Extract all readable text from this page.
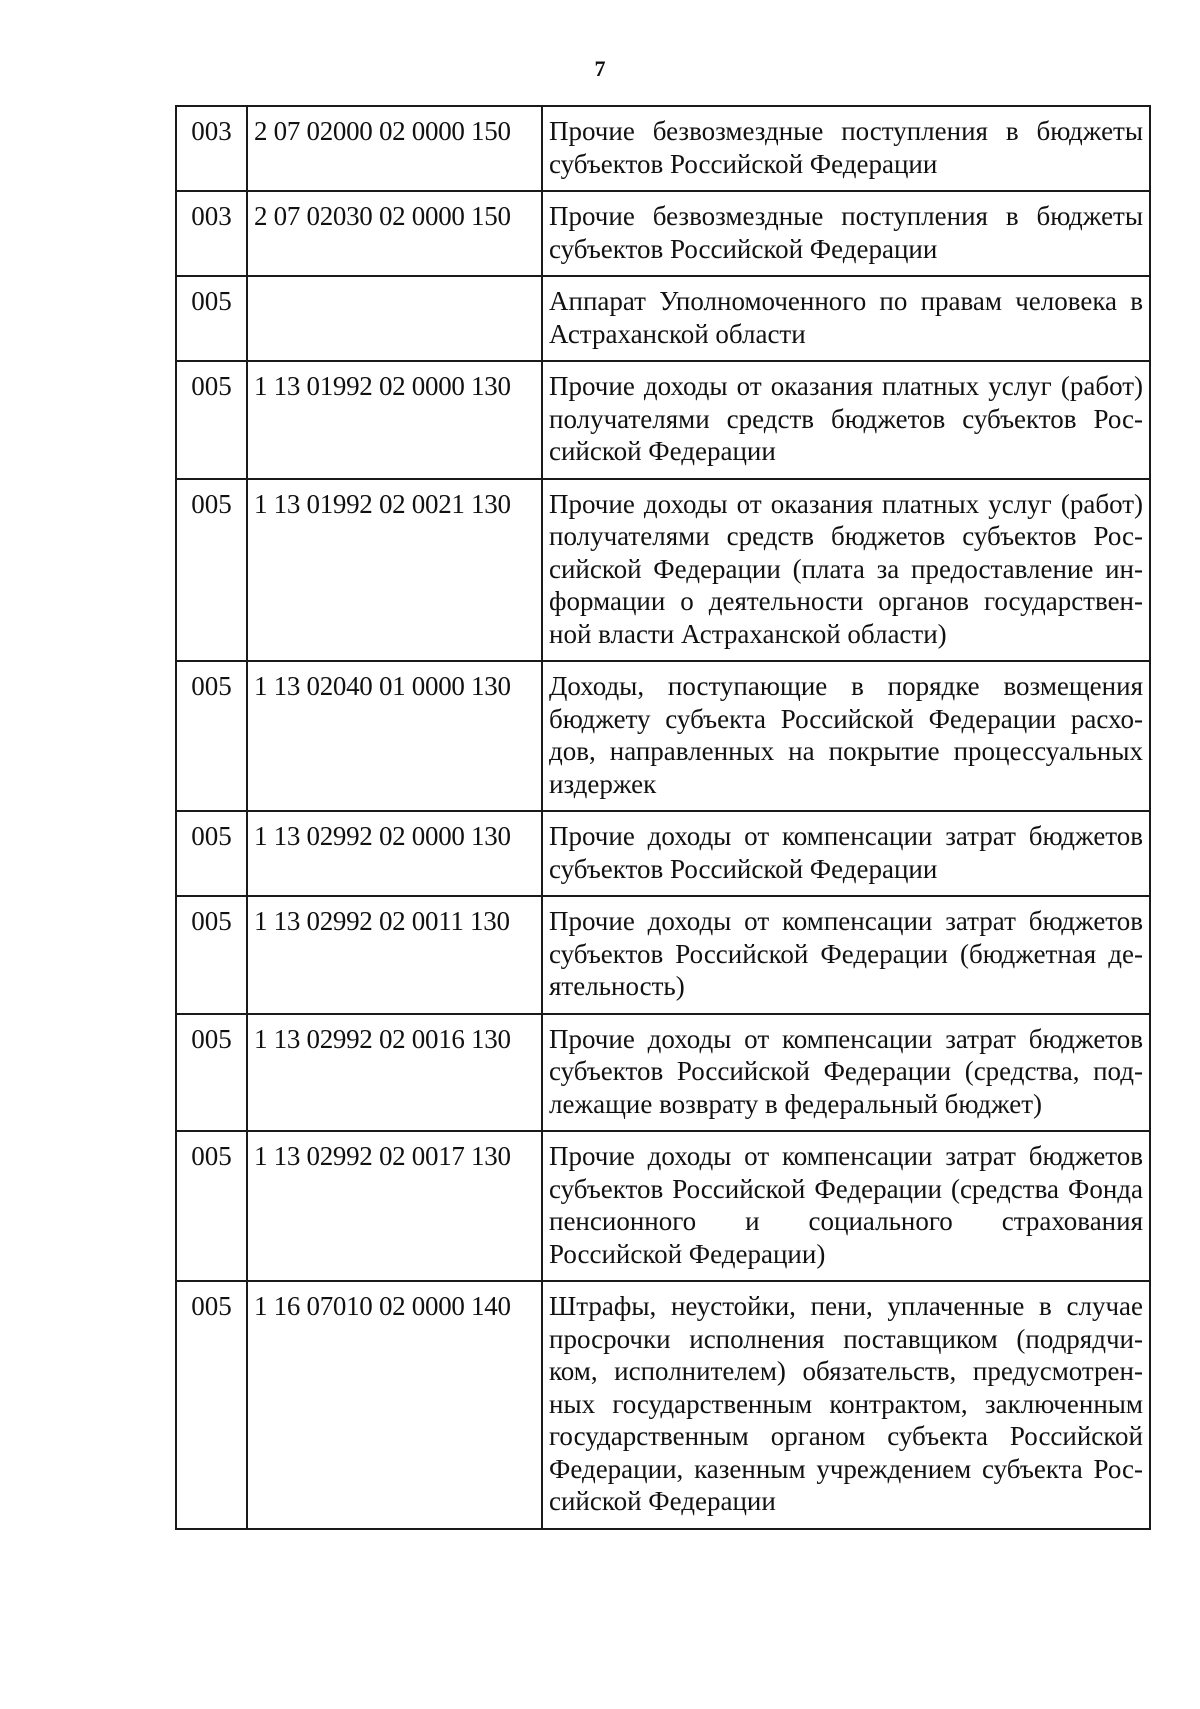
7
003	2 07 02000 02 0000 150	Прочие безвозмездные поступления в бюджеты субъектов Российской Федерации
003	2 07 02030 02 0000 150	Прочие безвозмездные поступления в бюджеты субъектов Российской Федерации
005		Аппарат Уполномоченного по правам человека в Астраханской области
005	1 13 01992 02 0000 130	Прочие доходы от оказания платных услуг (работ) получателями средств бюджетов субъектов Российской Федерации
005	1 13 01992 02 0021 130	Прочие доходы от оказания платных услуг (работ) получателями средств бюджетов субъектов Российской Федерации (плата за предоставление информации о деятельности органов государственной власти Астраханской области)
005	1 13 02040 01 0000 130	Доходы, поступающие в порядке возмещения бюджету субъекта Российской Федерации расходов, направленных на покрытие процессуальных издержек
005	1 13 02992 02 0000 130	Прочие доходы от компенсации затрат бюджетов субъектов Российской Федерации
005	1 13 02992 02 0011 130	Прочие доходы от компенсации затрат бюджетов субъектов Российской Федерации (бюджетная деятельность)
005	1 13 02992 02 0016 130	Прочие доходы от компенсации затрат бюджетов субъектов Российской Федерации (средства, подлежащие возврату в федеральный бюджет)
005	1 13 02992 02 0017 130	Прочие доходы от компенсации затрат бюджетов субъектов Российской Федерации (средства Фонда пенсионного и социального страхования Российской Федерации)
005	1 16 07010 02 0000 140	Штрафы, неустойки, пени, уплаченные в случае просрочки исполнения поставщиком (подрядчиком, исполнителем) обязательств, предусмотренных государственным контрактом, заключенным государственным органом субъекта Российской Федерации, казенным учреждением субъекта Российской Федерации
